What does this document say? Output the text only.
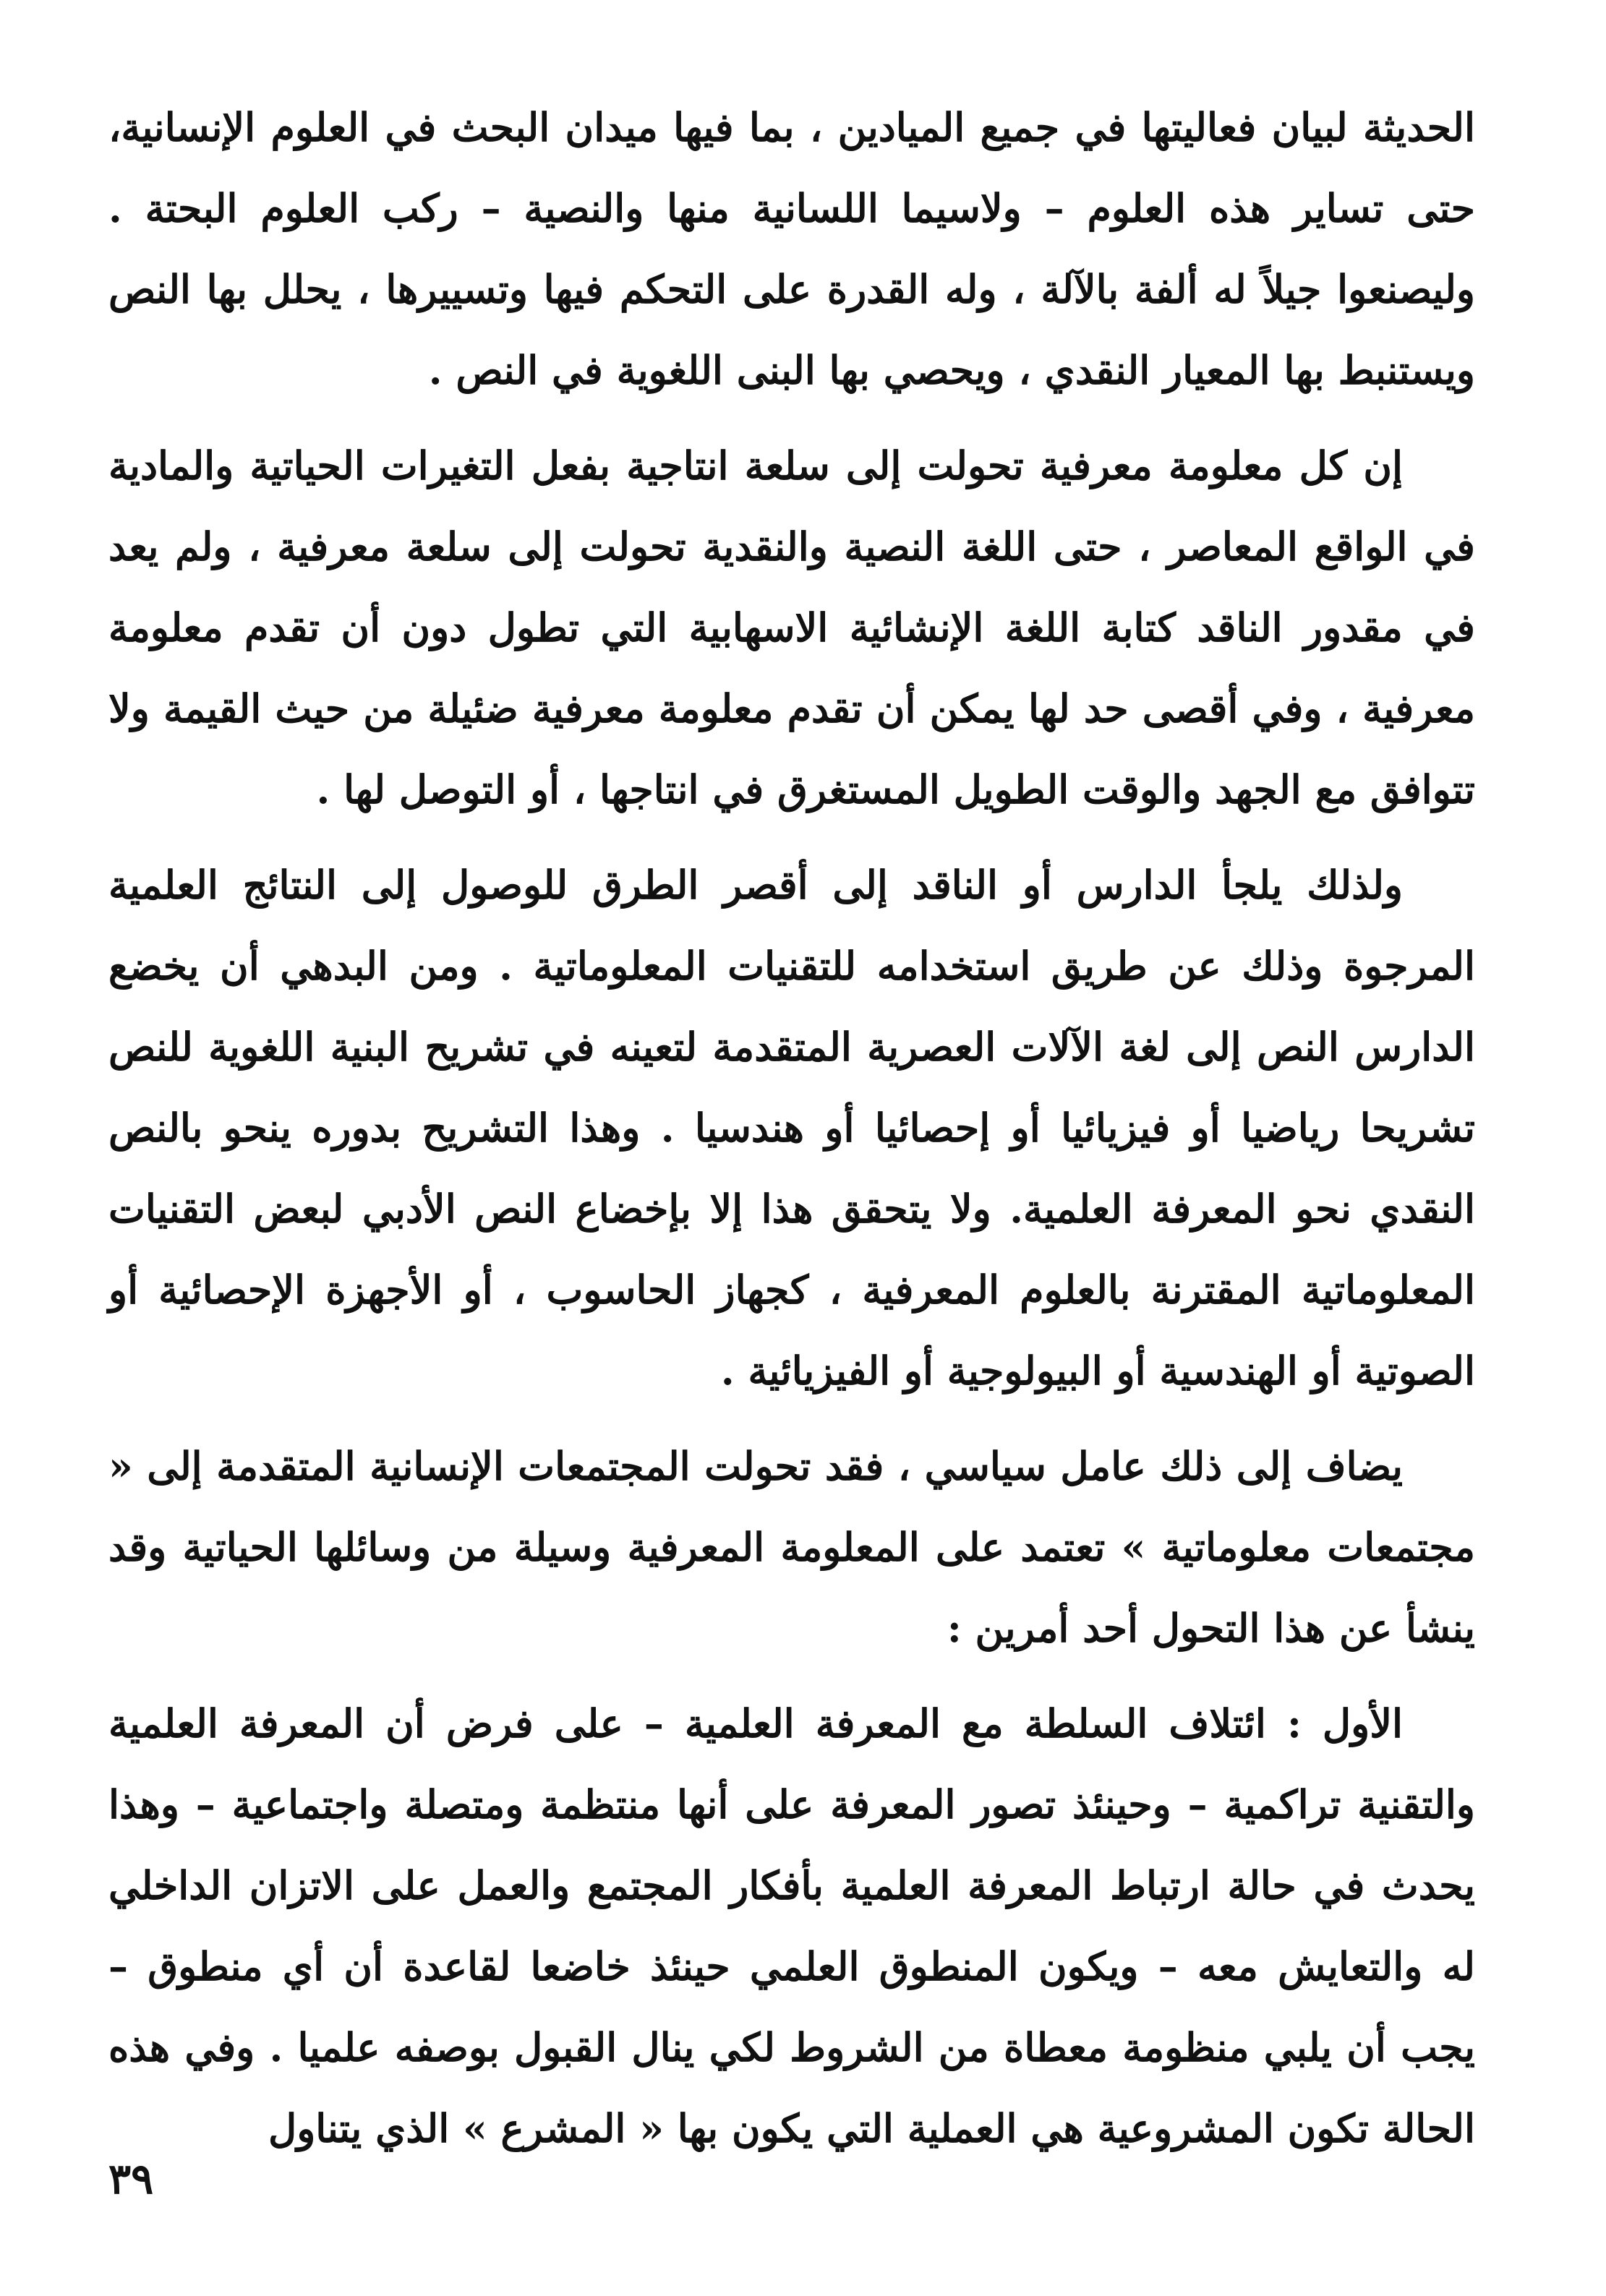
الحديثة لبيان فعاليتها في جميع الميادين ، بما فيها ميدان البحث في العلوم الإنسانية، حتى تساير هذه العلوم – ولاسيما اللسانية منها والنصية – ركب العلوم البحتة . وليصنعوا جيلاً له ألفة بالآلة ، وله القدرة على التحكم فيها وتسييرها ، يحلل بها النص ويستنبط بها المعيار النقدي ، ويحصي بها البنى اللغوية في النص .

إن كل معلومة معرفية تحولت إلى سلعة انتاجية بفعل التغيرات الحياتية والمادية في الواقع المعاصر ، حتى اللغة النصية والنقدية تحولت إلى سلعة معرفية ، ولم يعد في مقدور الناقد كتابة اللغة الإنشائية الاسهابية التي تطول دون أن تقدم معلومة معرفية ، وفي أقصى حد لها يمكن أن تقدم معلومة معرفية ضئيلة من حيث القيمة ولا تتوافق مع الجهد والوقت الطويل المستغرق في انتاجها ، أو التوصل لها .

ولذلك يلجأ الدارس أو الناقد إلى أقصر الطرق للوصول إلى النتائج العلمية المرجوة وذلك عن طريق استخدامه للتقنيات المعلوماتية . ومن البدهي أن يخضع الدارس النص إلى لغة الآلات العصرية المتقدمة لتعينه في تشريح البنية اللغوية للنص تشريحا رياضيا أو فيزيائيا أو إحصائيا أو هندسيا . وهذا التشريح بدوره ينحو بالنص النقدي نحو المعرفة العلمية. ولا يتحقق هذا إلا بإخضاع النص الأدبي لبعض التقنيات المعلوماتية المقترنة بالعلوم المعرفية ، كجهاز الحاسوب ، أو الأجهزة الإحصائية أو الصوتية أو الهندسية أو البيولوجية أو الفيزيائية .

يضاف إلى ذلك عامل سياسي ، فقد تحولت المجتمعات الإنسانية المتقدمة إلى « مجتمعات معلوماتية » تعتمد على المعلومة المعرفية وسيلة من وسائلها الحياتية وقد ينشأ عن هذا التحول أحد أمرين :

الأول : ائتلاف السلطة مع المعرفة العلمية – على فرض أن المعرفة العلمية والتقنية تراكمية – وحينئذ تصور المعرفة على أنها منتظمة ومتصلة واجتماعية – وهذا يحدث في حالة ارتباط المعرفة العلمية بأفكار المجتمع والعمل على الاتزان الداخلي له والتعايش معه – ويكون المنطوق العلمي حينئذ خاضعا لقاعدة أن أي منطوق – يجب أن يلبي منظومة معطاة من الشروط لكي ينال القبول بوصفه علميا . وفي هذه الحالة تكون المشروعية هي العملية التي يكون بها « المشرع » الذي يتناول

٣٩
